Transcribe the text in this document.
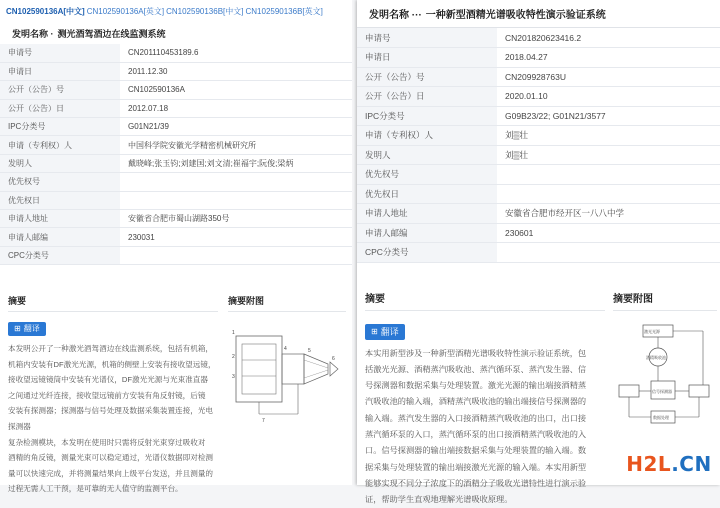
CN102590136A[中文] CN102590136A[英文] CN102590136B[中文] CN102590136B[英文]
发明名称 · 测光酒驾酒边在线监测系统
申请号	CN201110453189.6
申请日	2011.12.30
公开（公告）号	CN102590136A
公开（公告）日	2012.07.18
IPC分类号	G01N21/39
申请（专利权）人	中国科学院安徽光学精密机械研究所
发明人	戴晓峰;张玉钧;刘建国;刘文清;崔福宇;阮俊;梁炳
优先权号	
优先权日	
申请人地址	安徽省合肥市蜀山湖路350号
申请人邮编	230031
CPC分类号	
摘要
⊞ 翻译
本发明公开了一种激光酒驾酒边在线监测系统，包括有机箱，
机箱内安装有DF激光光源，机箱的侧壁上安装有接收望远镜，
接收望远镜镜筒中安装有光谱仪，DF激光光源与光束准直器
之间通过光纤连接，接收望远镜前方安装有角反射镜，后镜
安装有探测器；探测器与信号处理及数据采集装置连接，光电探测器
复杂检测模块，本发明在使用时只需将反射光束穿过吸收对
酒精的角反镜，测量光束可以稳定通过，光谱仪数据即对检测
量可以快速完成，并将测量结果向上级平台发送，并且测量的
过程无需人工干预，是可靠的无人值守的监测平台。
摘要附图
1
2
3
4	5
6
7
发明名称 ··· 一种新型酒精光谱吸收特性演示验证系统
申请号	CN201820623416.2
申请日	2018.04.27
公开（公告）号	CN209928763U
公开（公告）日	2020.01.10
IPC分类号	G09B23/22; G01N21/3577
申请（专利权）人	刘▒壮
发明人	刘▒壮
优先权号	
优先权日	
申请人地址	安徽省合肥市经开区一八八中学
申请人邮编	230601
CPC分类号	
摘要
⊞ 翻译
本实用新型涉及一种新型酒精光谱吸收特性演示验证系统，包
括激光光源、酒精蒸汽吸收池、蒸汽循环泵、蒸汽发生器、信
号探测器和数据采集与处理装置。激光光源的输出端接酒精蒸
汽吸收池的输入端，酒精蒸汽吸收池的输出端接信号探测器的
输入端。蒸汽发生器的入口接酒精蒸汽吸收池的出口，出口接
蒸汽循环泵的入口，蒸汽循环泵的出口接酒精蒸汽吸收池的入
口。信号探测器的输出端接数据采集与处理装置的输入端。数
据采集与处理装置的输出端接激光光源的输入端。本实用新型
能够实现不同分子浓度下的酒精分子吸收光谱特性进行演示验
证，帮助学生直观地理解光谱吸收原理。
摘要附图
激光光源
信号探测器
酒精吸收池
数据处理
H2L .CN
